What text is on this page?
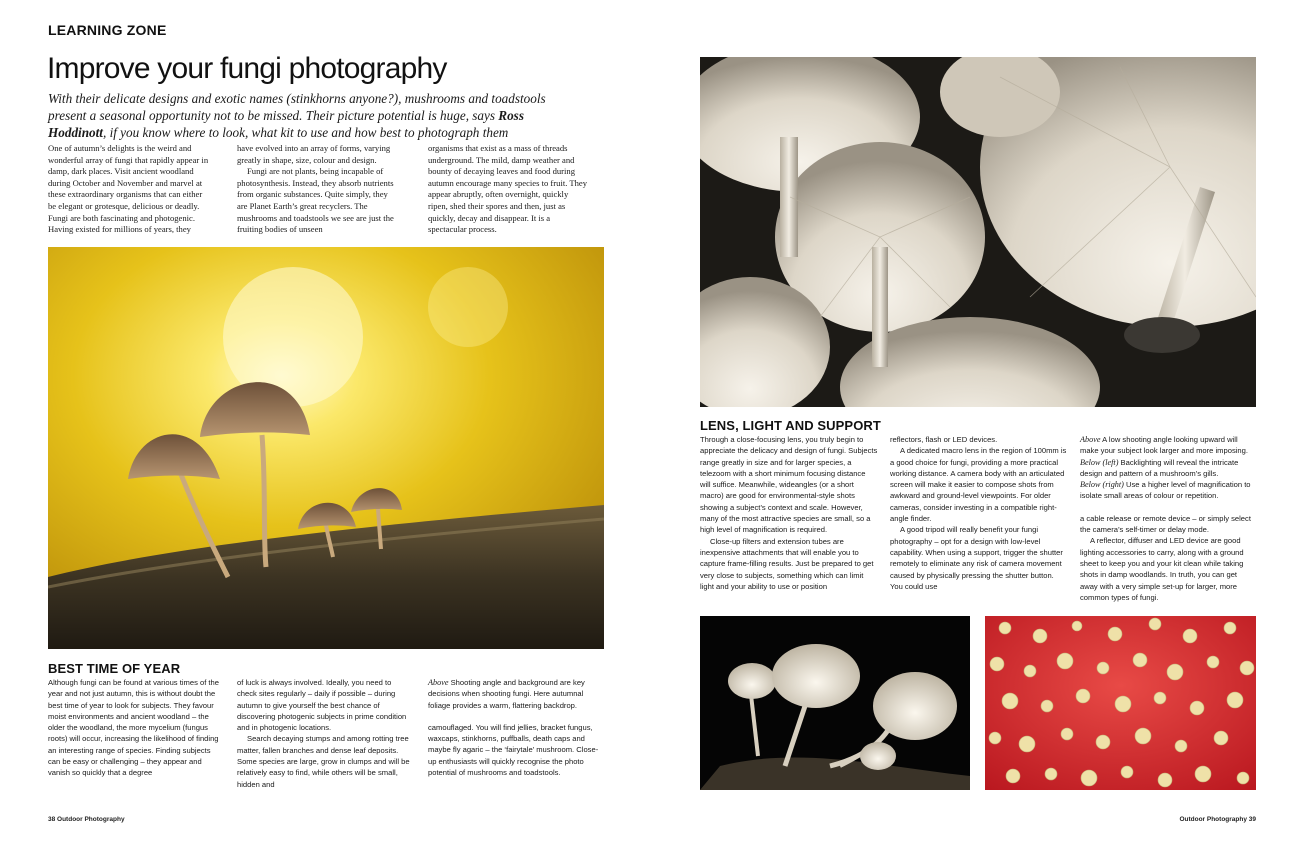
LEARNING ZONE
Improve your fungi photography

With their delicate designs and exotic names (stinkhorns anyone?), mushrooms and toadstools present a seasonal opportunity not to be missed. Their picture potential is huge, says Ross Hoddinott, if you know where to look, what kit to use and how best to photograph them

One of autumn’s delights is the weird and wonderful array of fungi that rapidly appear in damp, dark places. Visit ancient woodland during October and November and marvel at these extraordinary organisms that can either be elegant or grotesque, delicious or deadly. Fungi are both fascinating and photogenic. Having existed for millions of years, they

have evolved into an array of forms, varying greatly in shape, size, colour and design.

Fungi are not plants, being incapable of photosynthesis. Instead, they absorb nutrients from organic substances. Quite simply, they are Planet Earth’s great recyclers. The mushrooms and toadstools we see are just the fruiting bodies of unseen

organisms that exist as a mass of threads underground. The mild, damp weather and bounty of decaying leaves and food during autumn encourage many species to fruit. They appear abruptly, often overnight, quickly ripen, shed their spores and then, just as quickly, decay and disappear. It is a spectacular process.

BEST TIME OF YEAR

Although fungi can be found at various times of the year and not just autumn, this is without doubt the best time of year to look for subjects. They favour moist environments and ancient woodland – the older the woodland, the more mycelium (fungus roots) will occur, increasing the likelihood of finding an interesting range of species. Finding subjects can be easy or challenging – they appear and vanish so quickly that a degree

of luck is always involved. Ideally, you need to check sites regularly – daily if possible – during autumn to give yourself the best chance of discovering photogenic subjects in prime condition and in photogenic locations.

Search decaying stumps and among rotting tree matter, fallen branches and dense leaf deposits. Some species are large, grow in clumps and will be relatively easy to find, while others will be small, hidden and

Above Shooting angle and background are key decisions when shooting fungi. Here autumnal foliage provides a warm, flattering backdrop.

camouflaged. You will find jellies, bracket fungus, waxcaps, stinkhorns, puffballs, death caps and maybe fly agaric – the ‘fairytale’ mushroom. Close-up enthusiasts will quickly recognise the photo potential of mushrooms and toadstools.

LENS, LIGHT AND SUPPORT

Through a close-focusing lens, you truly begin to appreciate the delicacy and design of fungi. Subjects range greatly in size and for larger species, a telezoom with a short minimum focusing distance will suffice. Meanwhile, wideangles (or a short macro) are good for environmental-style shots showing a subject’s context and scale. However, many of the most attractive species are small, so a high level of magnification is required.

Close-up filters and extension tubes are inexpensive attachments that will enable you to capture frame-filling results. Just be prepared to get very close to subjects, something which can limit light and your ability to use or position

reflectors, flash or LED devices.

A dedicated macro lens in the region of 100mm is a good choice for fungi, providing a more practical working distance. A camera body with an articulated screen will make it easier to compose shots from awkward and ground-level viewpoints. For older cameras, consider investing in a compatible right-angle finder.

A good tripod will really benefit your fungi photography – opt for a design with low-level capability. When using a support, trigger the shutter remotely to eliminate any risk of camera movement caused by physically pressing the shutter button. You could use

Above A low shooting angle looking upward will make your subject look larger and more imposing.

Below (left) Backlighting will reveal the intricate design and pattern of a mushroom’s gills.

Below (right) Use a higher level of magnification to isolate small areas of colour or repetition.

a cable release or remote device – or simply select the camera’s self-timer or delay mode.

A reflector, diffuser and LED device are good lighting accessories to carry, along with a ground sheet to keep you and your kit clean while taking shots in damp woodlands. In truth, you can get away with a very simple set-up for larger, more common types of fungi.

38 Outdoor Photography	Outdoor Photography 39
